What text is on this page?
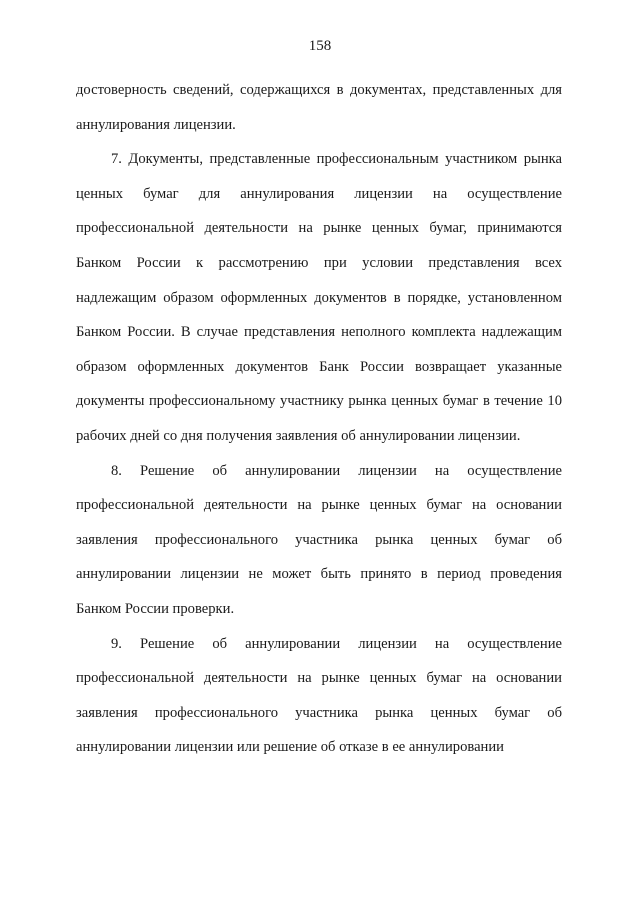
158

достоверность сведений, содержащихся в документах, представленных для аннулирования лицензии.

7. Документы, представленные профессиональным участником рынка ценных бумаг для аннулирования лицензии на осуществление профессиональной деятельности на рынке ценных бумаг, принимаются Банком России к рассмотрению при условии представления всех надлежащим образом оформленных документов в порядке, установленном Банком России. В случае представления неполного комплекта надлежащим образом оформленных документов Банк России возвращает указанные документы профессиональному участнику рынка ценных бумаг в течение 10 рабочих дней со дня получения заявления об аннулировании лицензии.

8. Решение об аннулировании лицензии на осуществление профессиональной деятельности на рынке ценных бумаг на основании заявления профессионального участника рынка ценных бумаг об аннулировании лицензии не может быть принято в период проведения Банком России проверки.

9. Решение об аннулировании лицензии на осуществление профессиональной деятельности на рынке ценных бумаг на основании заявления профессионального участника рынка ценных бумаг об аннулировании лицензии или решение об отказе в ее аннулировании
